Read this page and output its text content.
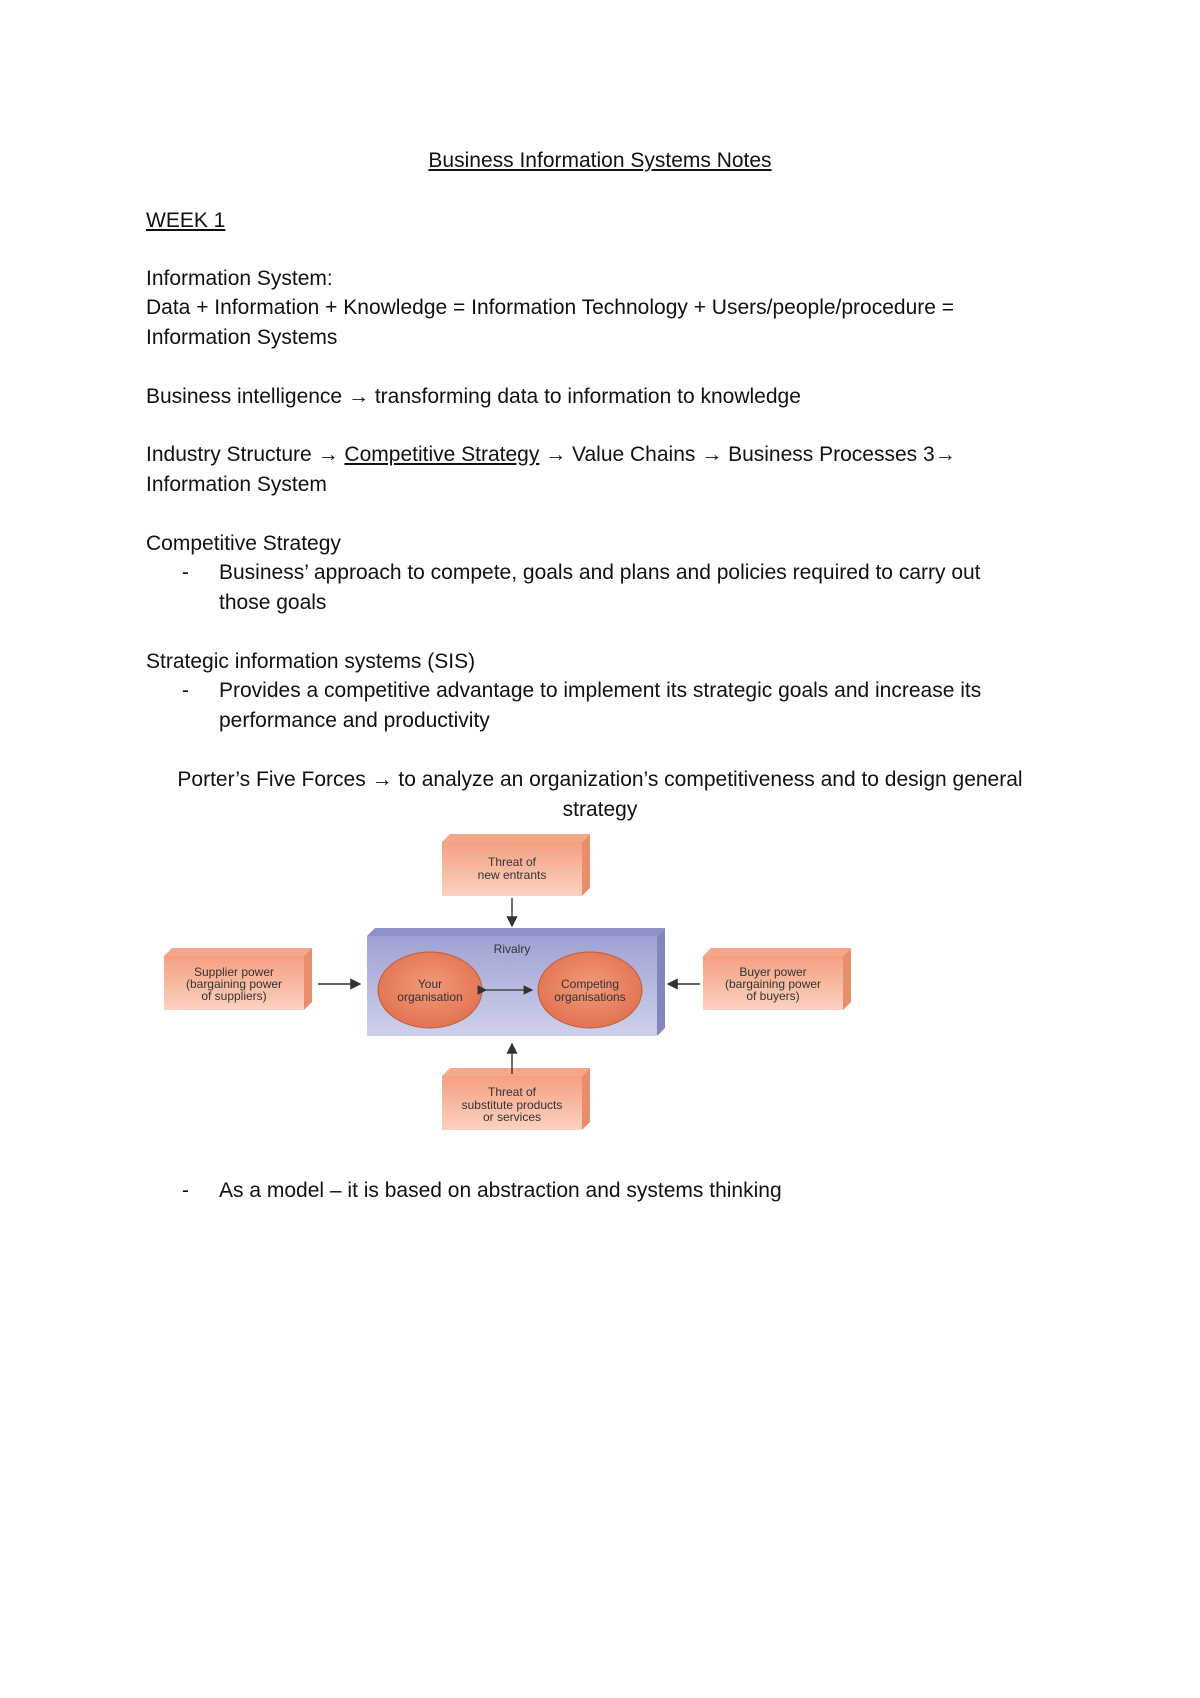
Business Information Systems Notes
WEEK 1
Information System:
Data + Information + Knowledge = Information Technology + Users/people/procedure =
Information Systems
Business intelligence → transforming data to information to knowledge
Industry Structure → Competitive Strategy → Value Chains → Business Processes 3→
Information System
Competitive Strategy
- Business’ approach to compete, goals and plans and policies required to carry out
those goals
Strategic information systems (SIS)
- Provides a competitive advantage to implement its strategic goals and increase its
performance and productivity
Porter’s Five Forces → to analyze an organization’s competitiveness and to design general
strategy
Threat of
new entrants
Rivalry
Your
organisation
Competing
organisations
Supplier power
(bargaining power
of suppliers)
Buyer power
(bargaining power
of buyers)
Threat of
substitute products
or services
- As a model – it is based on abstraction and systems thinking
